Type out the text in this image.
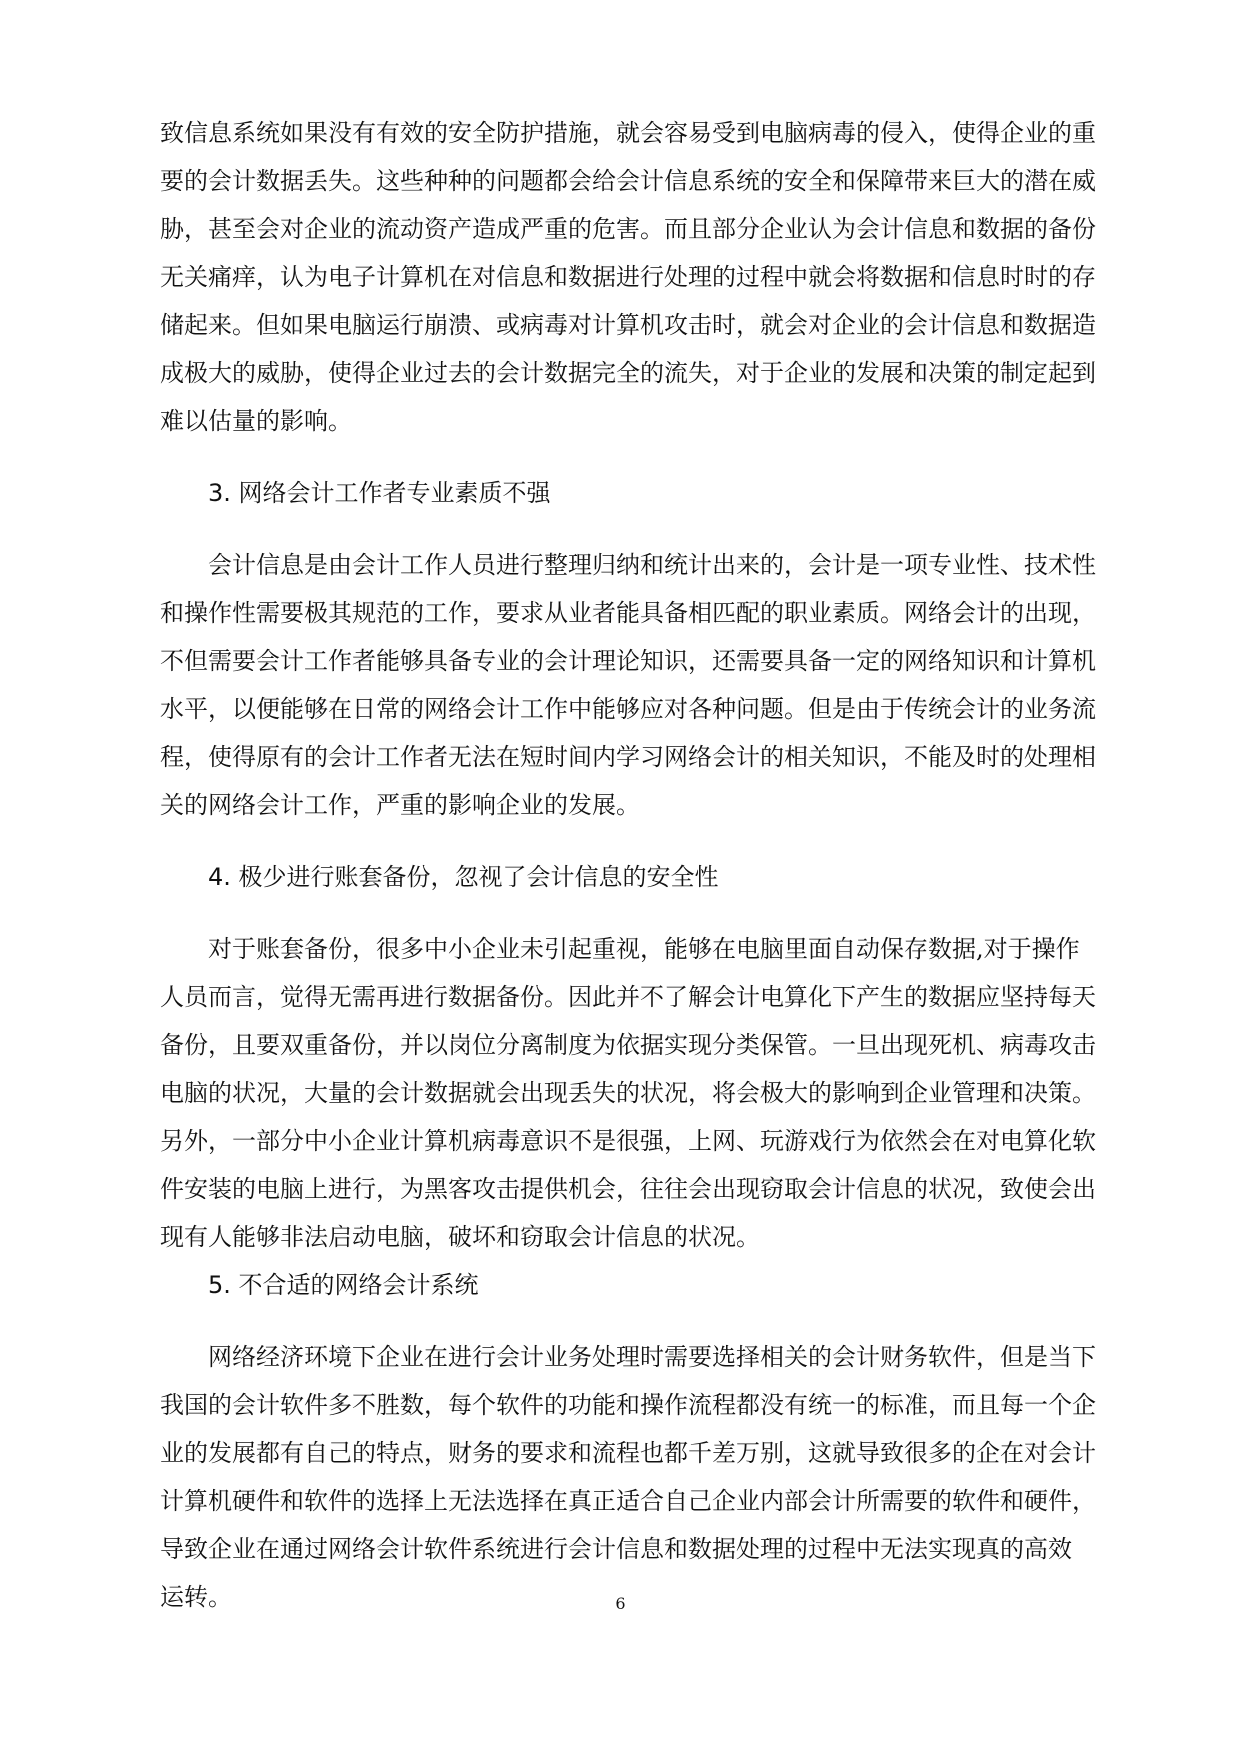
致信息系统如果没有有效的安全防护措施，就会容易受到电脑病毒的侵入，使得企业的重
要的会计数据丢失。这些种种的问题都会给会计信息系统的安全和保障带来巨大的潜在威
胁，甚至会对企业的流动资产造成严重的危害。而且部分企业认为会计信息和数据的备份
无关痛痒，认为电子计算机在对信息和数据进行处理的过程中就会将数据和信息时时的存
储起来。但如果电脑运行崩溃、或病毒对计算机攻击时，就会对企业的会计信息和数据造
成极大的威胁，使得企业过去的会计数据完全的流失，对于企业的发展和决策的制定起到
难以估量的影响。
3. 网络会计工作者专业素质不强
会计信息是由会计工作人员进行整理归纳和统计出来的，会计是一项专业性、技术性
和操作性需要极其规范的工作，要求从业者能具备相匹配的职业素质。网络会计的出现，
不但需要会计工作者能够具备专业的会计理论知识，还需要具备一定的网络知识和计算机
水平，以便能够在日常的网络会计工作中能够应对各种问题。但是由于传统会计的业务流
程，使得原有的会计工作者无法在短时间内学习网络会计的相关知识，不能及时的处理相
关的网络会计工作，严重的影响企业的发展。
4. 极少进行账套备份，忽视了会计信息的安全性
对于账套备份，很多中小企业未引起重视，能够在电脑里面自动保存数据,对于操作
人员而言，觉得无需再进行数据备份。因此并不了解会计电算化下产生的数据应坚持每天
备份，且要双重备份，并以岗位分离制度为依据实现分类保管。一旦出现死机、病毒攻击
电脑的状况，大量的会计数据就会出现丢失的状况，将会极大的影响到企业管理和决策。
另外，一部分中小企业计算机病毒意识不是很强，上网、玩游戏行为依然会在对电算化软
件安装的电脑上进行，为黑客攻击提供机会，往往会出现窃取会计信息的状况，致使会出
现有人能够非法启动电脑，破坏和窃取会计信息的状况。
5. 不合适的网络会计系统
网络经济环境下企业在进行会计业务处理时需要选择相关的会计财务软件，但是当下
我国的会计软件多不胜数，每个软件的功能和操作流程都没有统一的标准，而且每一个企
业的发展都有自己的特点，财务的要求和流程也都千差万别，这就导致很多的企在对会计
计算机硬件和软件的选择上无法选择在真正适合自己企业内部会计所需要的软件和硬件，
导致企业在通过网络会计软件系统进行会计信息和数据处理的过程中无法实现真的高效
运转。	6
